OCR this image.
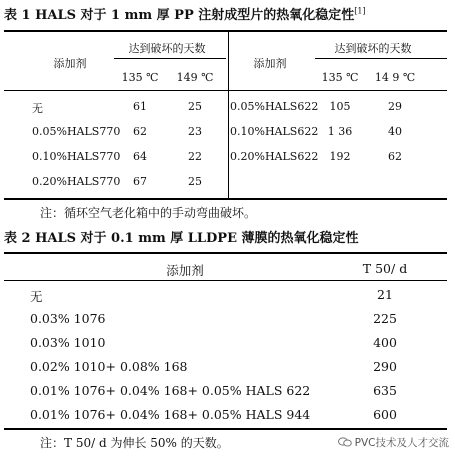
表 1 HALS 对于 1 mm 厚 PP 注射成型片的热氧化稳定性[1]
添加剂
达到破坏的天数
135 ℃ 149 ℃
添加剂
达到破坏的天数
135 ℃ 14 9 ℃
无	61	25
0.05%HALS770 62	23
0.10%HALS770 64	22
0.20%HALS770 67	25
0.05%HALS622 105	29
0.10%HALS622 1 36	40
0.20%HALS622 192	62
注：循环空气老化箱中的手动弯曲破坏。
表 2 HALS 对于 0.1 mm 厚 LLDPE 薄膜的热氧化稳定性
添加剂	T 50/ d
无	21
0.03% 1076	225
0.03% 1010	400
0.02% 1010+ 0.08% 168	290
0.01% 1076+ 0.04% 168+ 0.05% HALS 622	635
0.01% 1076+ 0.04% 168+ 0.05% HALS 944	600
注：T 50/ d 为伸长 50% 的天数。	PVC技术及人才交流
